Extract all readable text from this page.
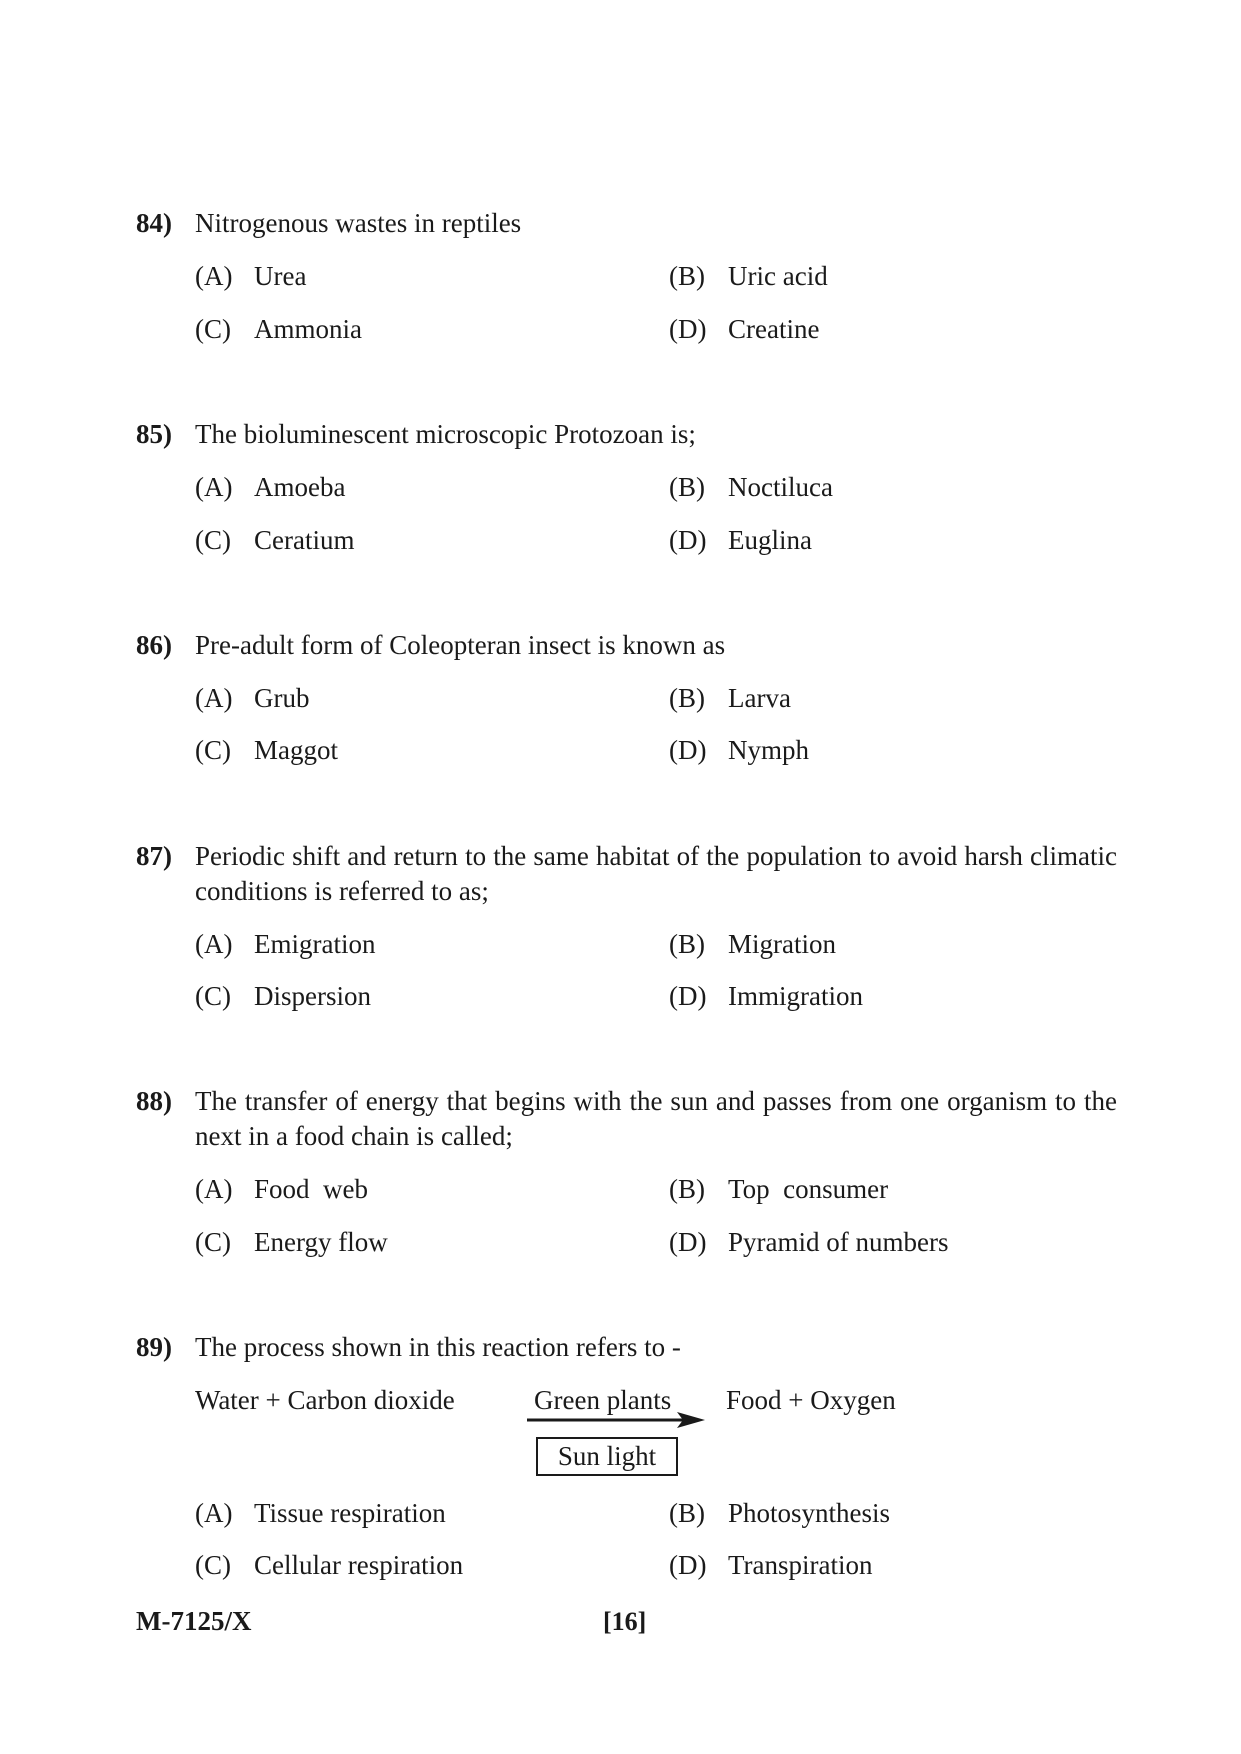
84) Nitrogenous wastes in reptiles
(A) Urea	(B) Uric acid
(C) Ammonia	(D) Creatine
85) The bioluminescent microscopic Protozoan is;
(A) Amoeba	(B) Noctiluca
(C) Ceratium	(D) Euglina
86) Pre-adult form of Coleopteran insect is known as
(A) Grub	(B) Larva
(C) Maggot	(D) Nymph
87) Periodic shift and return to the same habitat of the population to avoid harsh climatic conditions is referred to as;
(A) Emigration	(B) Migration
(C) Dispersion	(D) Immigration
88) The transfer of energy that begins with the sun and passes from one organism to the next in a food chain is called;
(A) Food  web	(B) Top  consumer
(C) Energy flow	(D) Pyramid of numbers
89) The process shown in this reaction refers to -
Water + Carbon dioxide	Green plants
Sun light
Food + Oxygen
(A) Tissue respiration	(B) Photosynthesis
(C) Cellular respiration	(D) Transpiration
M-7125/X	[16]
